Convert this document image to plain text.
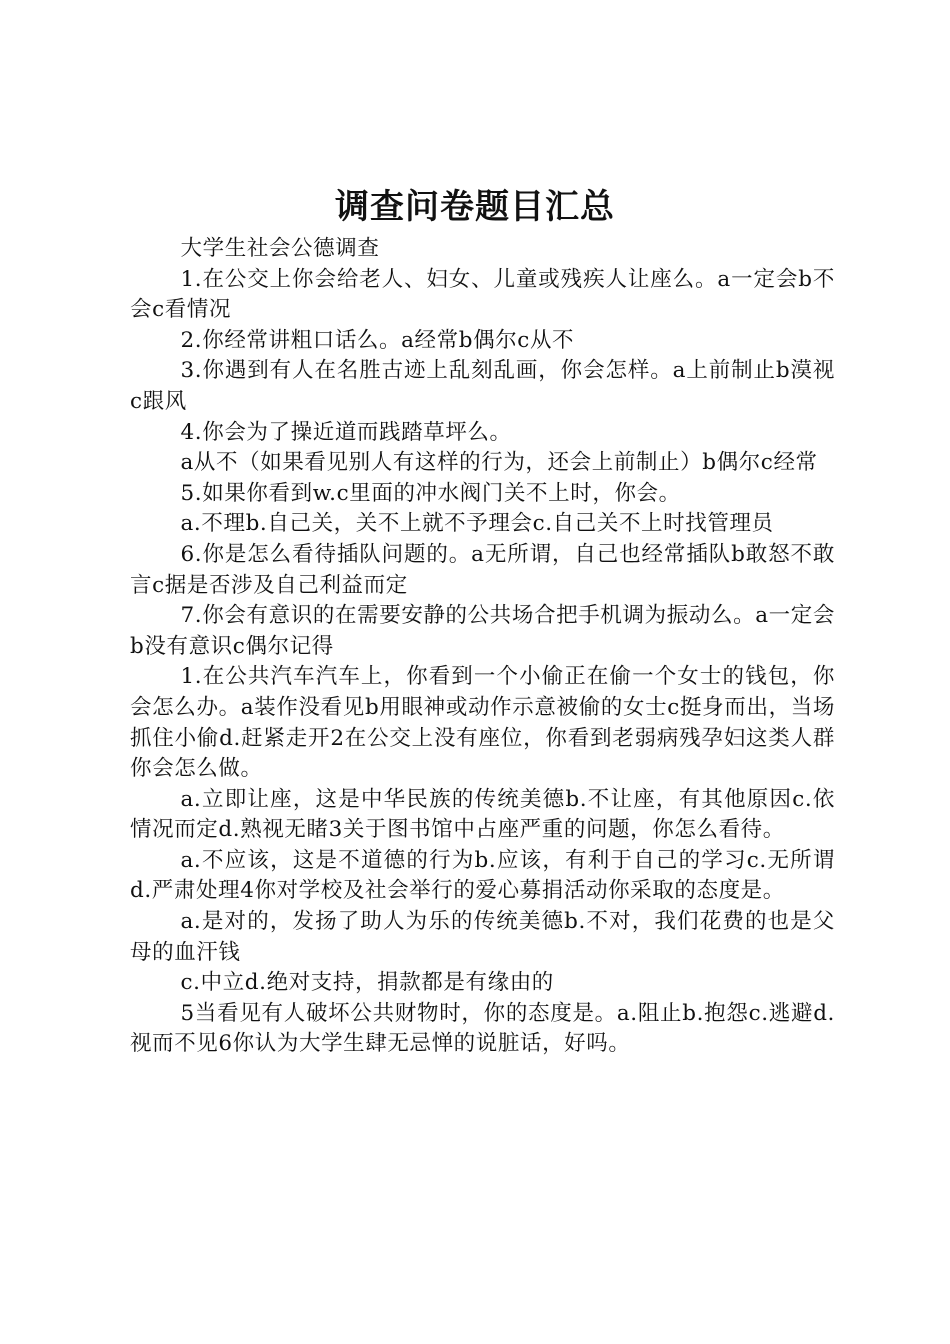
调查问卷题目汇总

大学生社会公德调查

1.在公交上你会给老人、妇女、儿童或残疾人让座么。a一定会b不会c看情况

2.你经常讲粗口话么。a经常b偶尔c从不

3.你遇到有人在名胜古迹上乱刻乱画，你会怎样。a上前制止b漠视c跟风

4.你会为了操近道而践踏草坪么。

a从不（如果看见别人有这样的行为，还会上前制止）b偶尔c经常

5.如果你看到w.c里面的冲水阀门关不上时，你会。

a.不理b.自己关，关不上就不予理会c.自己关不上时找管理员

6.你是怎么看待插队问题的。a无所谓，自己也经常插队b敢怒不敢言c据是否涉及自己利益而定

7.你会有意识的在需要安静的公共场合把手机调为振动么。a一定会b没有意识c偶尔记得

1.在公共汽车汽车上，你看到一个小偷正在偷一个女士的钱包，你会怎么办。a装作没看见b用眼神或动作示意被偷的女士c挺身而出，当场抓住小偷d.赶紧走开2在公交上没有座位，你看到老弱病残孕妇这类人群你会怎么做。

a.立即让座，这是中华民族的传统美德b.不让座，有其他原因c.依情况而定d.熟视无睹3关于图书馆中占座严重的问题，你怎么看待。

a.不应该，这是不道德的行为b.应该，有利于自己的学习c.无所谓d.严肃处理4你对学校及社会举行的爱心募捐活动你采取的态度是。

a.是对的，发扬了助人为乐的传统美德b.不对，我们花费的也是父母的血汗钱

c.中立d.绝对支持，捐款都是有缘由的

5当看见有人破坏公共财物时，你的态度是。a.阻止b.抱怨c.逃避d.视而不见6你认为大学生肆无忌惮的说脏话，好吗。
